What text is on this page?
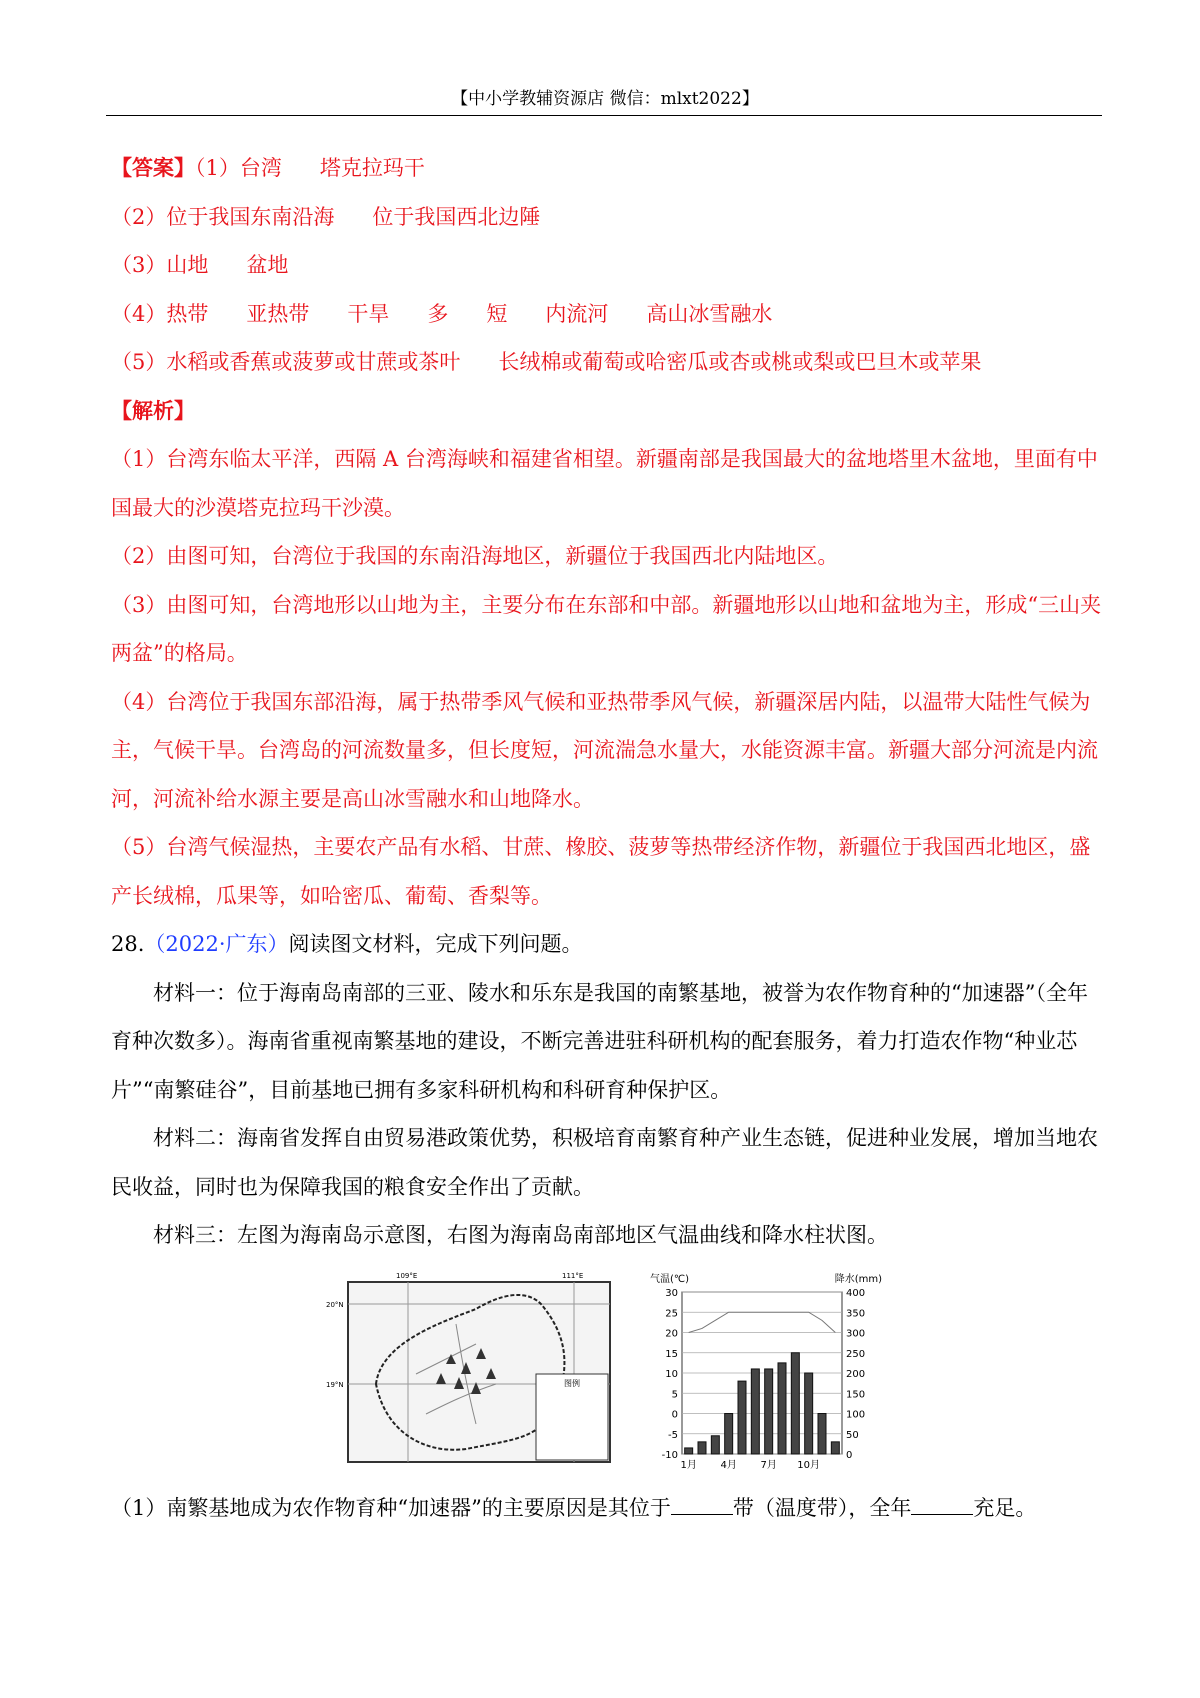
【中小学教辅资源店 微信：mlxt2022】
【答案】（1）台湾 塔克拉玛干
（2）位于我国东南沿海 位于我国西北边陲
（3）山地 盆地
（4）热带 亚热带 干旱 多 短 内流河 高山冰雪融水
（5）水稻或香蕉或菠萝或甘蔗或茶叶 长绒棉或葡萄或哈密瓜或杏或桃或梨或巴旦木或苹果
【解析】
（1）台湾东临太平洋，西隔 A 台湾海峡和福建省相望。新疆南部是我国最大的盆地塔里木盆地，里面有中国最大的沙漠塔克拉玛干沙漠。
（2）由图可知，台湾位于我国的东南沿海地区，新疆位于我国西北内陆地区。
（3）由图可知，台湾地形以山地为主，主要分布在东部和中部。新疆地形以山地和盆地为主，形成“三山夹两盆”的格局。
（4）台湾位于我国东部沿海，属于热带季风气候和亚热带季风气候，新疆深居内陆，以温带大陆性气候为主，气候干旱。台湾岛的河流数量多，但长度短，河流湍急水量大，水能资源丰富。新疆大部分河流是内流河，河流补给水源主要是高山冰雪融水和山地降水。
（5）台湾气候湿热，主要农产品有水稻、甘蔗、橡胶、菠萝等热带经济作物，新疆位于我国西北地区，盛产长绒棉，瓜果等，如哈密瓜、葡萄、香梨等。
28.（2022·广东）阅读图文材料，完成下列问题。
材料一：位于海南岛南部的三亚、陵水和乐东是我国的南繁基地，被誉为农作物育种的“加速器”（全年育种次数多）。海南省重视南繁基地的建设，不断完善进驻科研机构的配套服务，着力打造农作物“种业芯片”“南繁硅谷”，目前基地已拥有多家科研机构和科研育种保护区。
材料二：海南省发挥自由贸易港政策优势，积极培育南繁育种产业生态链，促进种业发展，增加当地农民收益，同时也为保障我国的粮食安全作出了贡献。
材料三：左图为海南岛示意图，右图为海南岛南部地区气温曲线和降水柱状图。
图例
109°E	111°E
20°N
19°N
30
25
20
15
10
5
0
-5
-10
400
350
300
250
200
150
100
50
0
气温(℃)	降水(mm)
1月 4月 7月 10月
（1）南繁基地成为农作物育种“加速器”的主要原因是其位于	带（温度带），全年	充足。
